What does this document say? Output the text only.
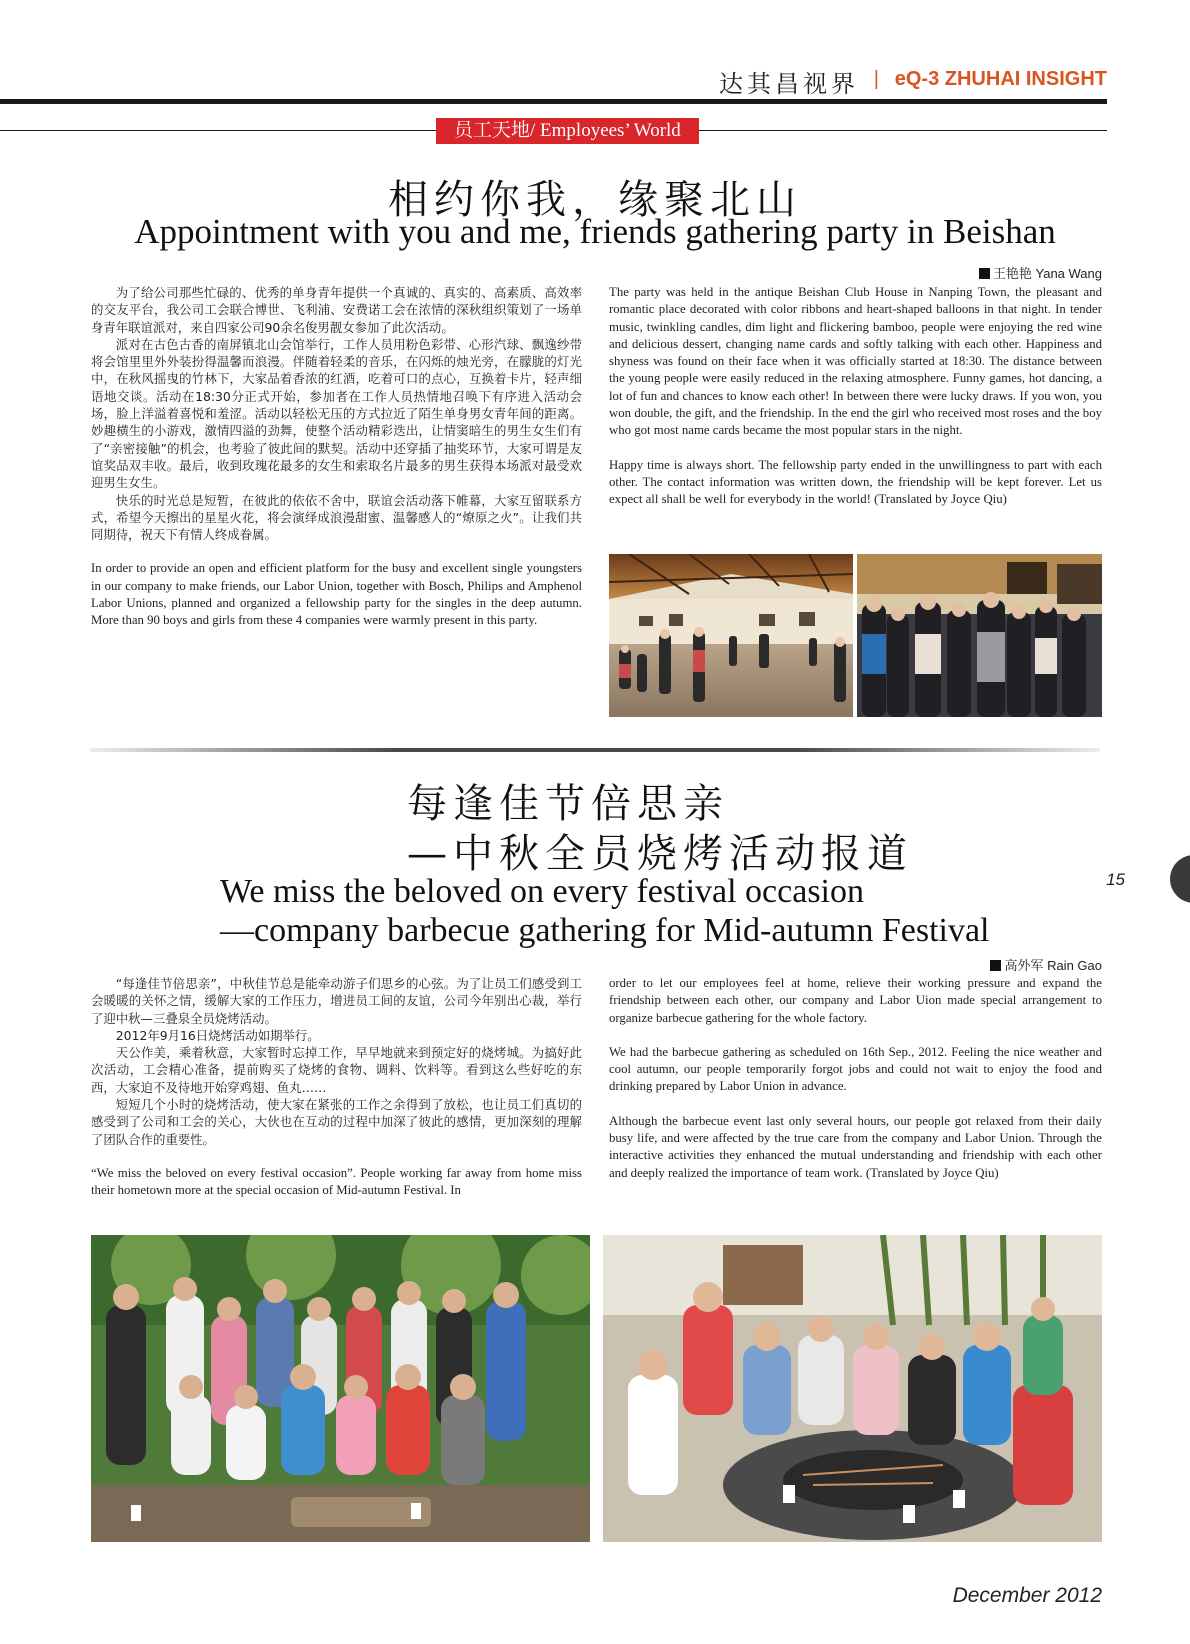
达其昌视界 | eQ-3 ZHUHAI INSIGHT
员工天地/ Employees’ World
相约你我，缘聚北山
Appointment with you and me, friends gathering party in Beishan
王艳艳 Yana Wang

为了给公司那些忙碌的、优秀的单身青年提供一个真诚的、真实的、高素质、高效率的交友平台，我公司工会联合博世、飞利浦、安费诺工会在浓情的深秋组织策划了一场单身青年联谊派对，来自四家公司90余名俊男靓女参加了此次活动。

派对在古色古香的南屏镇北山会馆举行，工作人员用粉色彩带、心形汽球、飘逸纱带将会馆里里外外装扮得温馨而浪漫。伴随着轻柔的音乐，在闪烁的烛光旁，在朦胧的灯光中，在秋风摇曳的竹林下，大家品着香浓的红酒，吃着可口的点心，互换着卡片，轻声细语地交谈。活动在18:30分正式开始，参加者在工作人员热情地召唤下有序进入活动会场，脸上洋溢着喜悦和羞涩。活动以轻松无压的方式拉近了陌生单身男女青年间的距离。妙趣横生的小游戏，激情四溢的劲舞，使整个活动精彩迭出，让情窦暗生的男生女生们有了“亲密接触”的机会，也考验了彼此间的默契。活动中还穿插了抽奖环节，大家可谓是友谊奖品双丰收。最后，收到玫瑰花最多的女生和索取名片最多的男生获得本场派对最受欢迎男生女生。

快乐的时光总是短暂，在彼此的依依不舍中，联谊会活动落下帷幕，大家互留联系方式，希望今天擦出的星星火花，将会演绎成浪漫甜蜜、温馨感人的“燎原之火”。让我们共同期待，祝天下有情人终成眷属。

In order to provide an open and efficient platform for the busy and excellent single youngsters in our company to make friends, our Labor Union, together with Bosch, Philips and Amphenol Labor Unions, planned and organized a fellowship party for the singles in the deep autumn. More than 90 boys and girls from these 4 companies were warmly present in this party.

The party was held in the antique Beishan Club House in Nanping Town, the pleasant and romantic place decorated with color ribbons and heart-shaped balloons in that night. In tender music, twinkling candles, dim light and flickering bamboo, people were enjoying the red wine and delicious dessert, changing name cards and softly talking with each other. Happiness and shyness was found on their face when it was officially started at 18:30. The distance between the young people were easily reduced in the relaxing atmosphere. Funny games, hot dancing, a lot of fun and chances to know each other! In between there were lucky draws. If you won, you won double, the gift, and the friendship. In the end the girl who received most roses and the boy who got most name cards became the most popular stars in the night.

Happy time is always short. The fellowship party ended in the unwillingness to part with each other. The contact information was written down, the friendship will be kept forever. Let us expect all shall be well for everybody in the world! (Translated by Joyce Qiu)

每逢佳节倍思亲
—中秋全员烧烤活动报道
We miss the beloved on every festival occasion
—company barbecue gathering for Mid-autumn Festival
高外军 Rain Gao

“每逢佳节倍思亲”，中秋佳节总是能牵动游子们思乡的心弦。为了让员工们感受到工会暖暖的关怀之情，缓解大家的工作压力，增进员工间的友谊，公司今年别出心裁，举行了迎中秋—三叠泉全员烧烤活动。

2012年9月16日烧烤活动如期举行。

天公作美，乘着秋意，大家暂时忘掉工作，早早地就来到预定好的烧烤城。为搞好此次活动，工会精心准备，提前购买了烧烤的食物、调料、饮料等。看到这么些好吃的东西，大家迫不及待地开始穿鸡翅、鱼丸……

短短几个小时的烧烤活动，使大家在紧张的工作之余得到了放松，也让员工们真切的感受到了公司和工会的关心，大伙也在互动的过程中加深了彼此的感情，更加深刻的理解了团队合作的重要性。

“We miss the beloved on every festival occasion”. People working far away from home miss their hometown more at the special occasion of Mid-autumn Festival. In

order to let our employees feel at home, relieve their working pressure and expand the friendship between each other, our company and Labor Uion made special arrangement to organize barbecue gathering for the whole factory.

We had the barbecue gathering as scheduled on 16th Sep., 2012. Feeling the nice weather and cool autumn, our people temporarily forgot jobs and could not wait to enjoy the food and drinking prepared by Labor Union in advance.

Although the barbecue event last only several hours, our people got relaxed from their daily busy life, and were affected by the true care from the company and Labor Union. Through the interactive activities they enhanced the mutual understanding and friendship with each other and deeply realized the importance of team work. (Translated by Joyce Qiu)

15
December 2012
